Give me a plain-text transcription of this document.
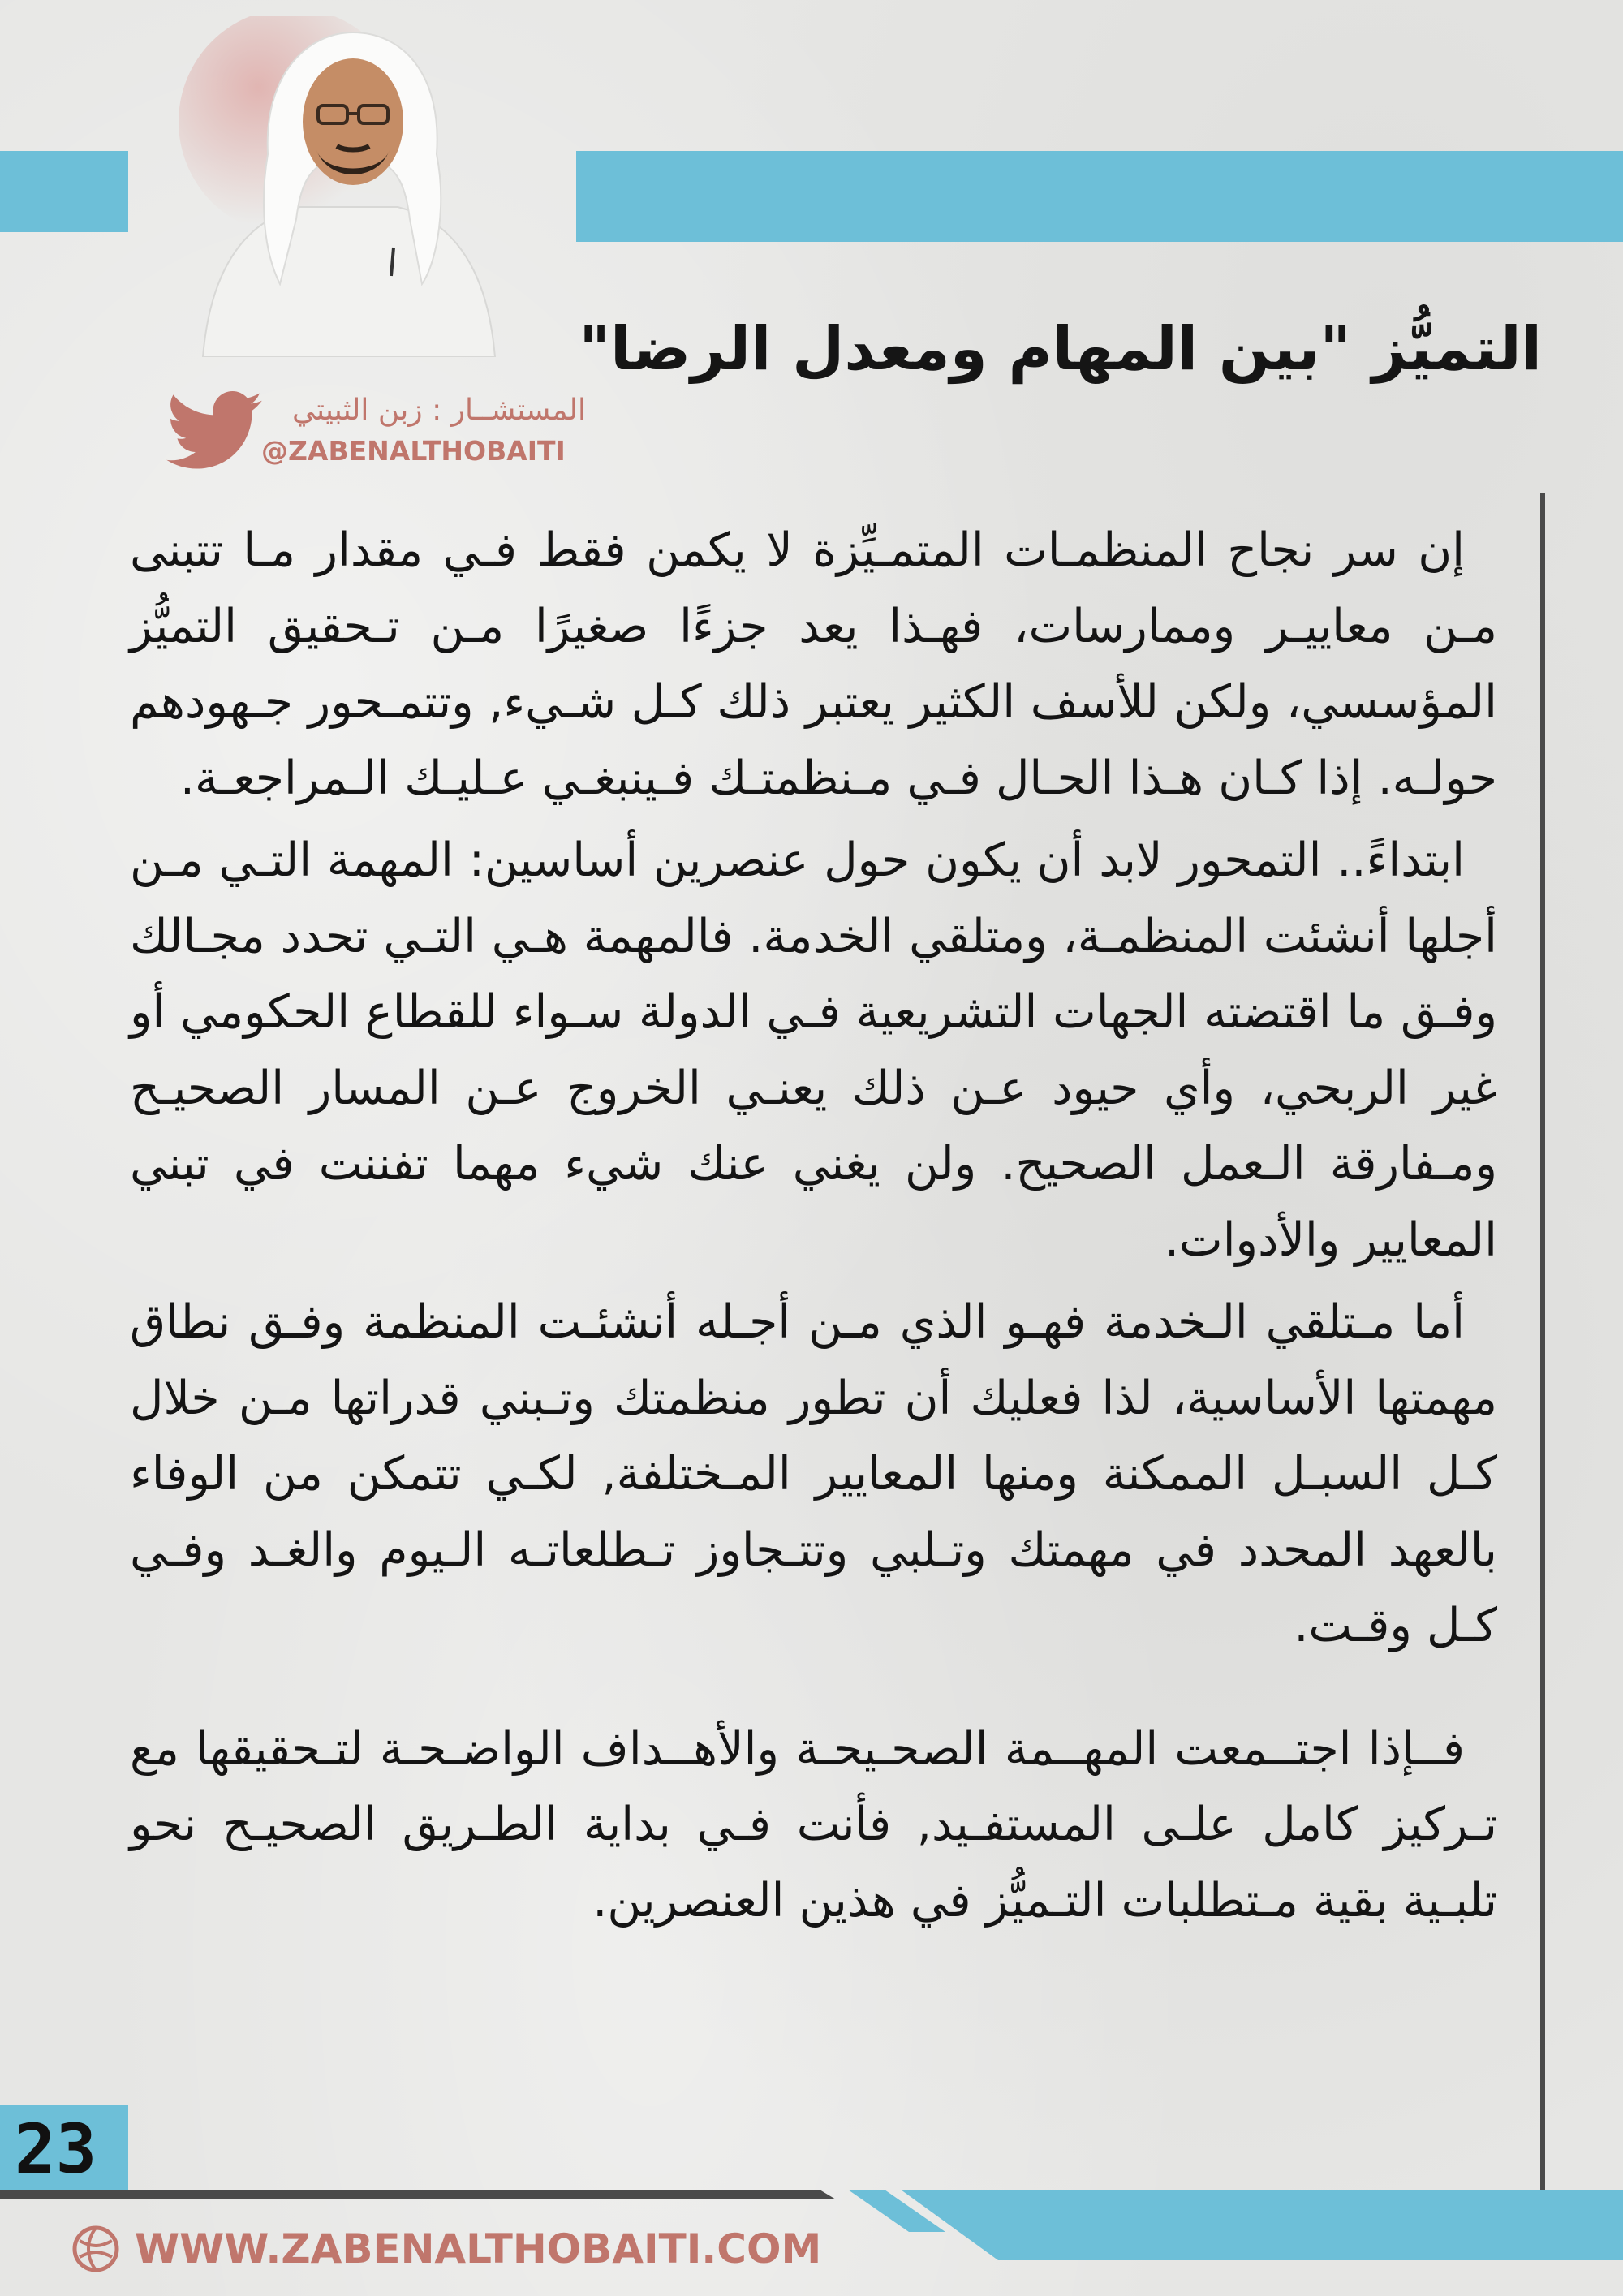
التميُّز "بين المهام ومعدل الرضا"
المستشــار : زبن الثبيتي
@ZABENALTHOBAITI

إن سر نجاح المنظمـات المتمـيِّزة لا يكمن فقط فـي مقدار مـا تتبنى مـن معاييـر وممارسات، فهـذا يعد جزءًا صغيرًا مـن تـحقيق التميُّز المؤسسي، ولكن للأسف الكثير يعتبر ذلك كـل شـيء, وتتمـحور جـهودهم حولـه. إذا كـان هـذا الحـال فـي مـنظمتـك فـينبغـي عـليـك الـمراجعـة.

ابتداءً.. التمحور لابد أن يكون حول عنصرين أساسين: المهمة التـي مـن أجلها أنشئت المنظمـة، ومتلقي الخدمة. فالمهمة هـي التـي تحدد مجـالك وفـق ما اقتضته الجهات التشريعية فـي الدولة سـواء للقطاع الحكومي أو غير الربحي، وأي حيود عـن ذلك يعنـي الخروج عـن المسار الصحيـح ومـفارقة الـعمل الصحيح. ولن يغني عنك شيء مهما تفننت في تبني المعايير والأدوات.

أما مـتلقي الـخدمة فهـو الذي مـن أجـله أنشئـت المنظمة وفـق نطاق مهمتها الأساسية، لذا فعليك أن تطور منظمتك وتـبني قدراتها مـن خلال كـل السبـل الممكنة ومنها المعايير المـختلفة, لكـي تتمكن من الوفاء بالعهد المحدد في مهمتك وتـلبي وتتـجاوز تـطلعاتـه الـيوم والغـد وفـي كـل وقـت.

فــإذا اجتــمعت المهــمة الصحـيحـة والأهــداف الواضـحـة لتـحقيقها مع تـركيز كامل علـى المستفـيد, فأنت فـي بداية الطـريق الصحيـح نحو تلبـية بقية مـتطلبات التـميُّز في هذين العنصرين.

23
WWW.ZABENALTHOBAITI.COM
